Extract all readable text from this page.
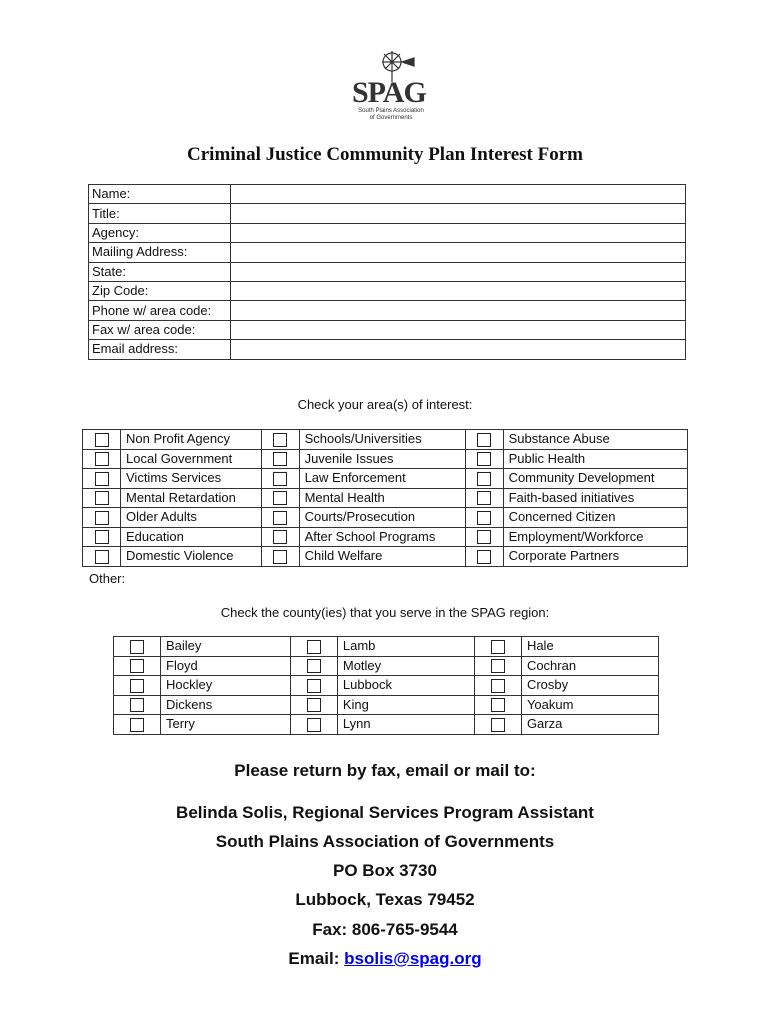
SPAG
South Plains Association of Governments
Criminal Justice Community Plan Interest Form
Name:	
Title:	
Agency:	
Mailing Address:	
State:	
Zip Code:	
Phone w/ area code:	
Fax w/ area code:	
Email address:	
Check your area(s) of interest:
	Non Profit Agency		Schools/Universities		Substance Abuse
	Local Government		Juvenile Issues		Public Health
	Victims Services		Law Enforcement		Community Development
	Mental Retardation		Mental Health		Faith-based initiatives
	Older Adults		Courts/Prosecution		Concerned Citizen
	Education		After School Programs		Employment/Workforce
	Domestic Violence		Child Welfare		Corporate Partners
Other:
Check the county(ies) that you serve in the SPAG region:
	Bailey		Lamb		Hale
	Floyd		Motley		Cochran
	Hockley		Lubbock		Crosby
	Dickens		King		Yoakum
	Terry		Lynn		Garza
Please return by fax, email or mail to:
Belinda Solis, Regional Services Program Assistant
South Plains Association of Governments
PO Box 3730
Lubbock, Texas 79452
Fax: 806-765-9544
Email: bsolis@spag.org
